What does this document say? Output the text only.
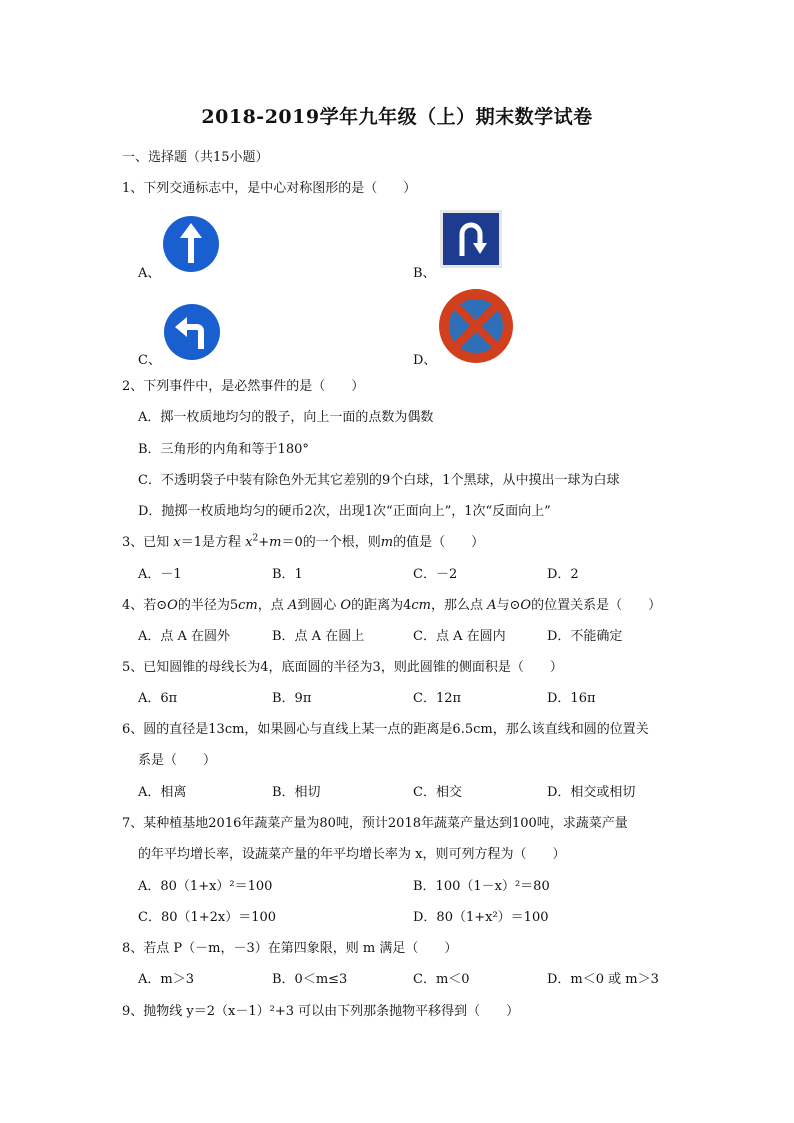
2018-2019学年九年级（上）期末数学试卷
一、选择题（共15小题）
1、下列交通标志中，是中心对称图形的是（　　）
A、	B、
C、	D、
2、下列事件中，是必然事件的是（　　）
A．掷一枚质地均匀的骰子，向上一面的点数为偶数
B．三角形的内角和等于180°
C．不透明袋子中装有除色外无其它差别的9个白球，1个黑球，从中摸出一球为白球
D．抛掷一枚质地均匀的硬币2次，出现1次“正面向上”，1次“反面向上”
3、已知 x＝1是方程 $x^2+m=0$的一个根，则m的值是（　　）
A．－1	B．1	C．－2	D．2
4、若⊙O的半径为5cm，点 A到圆心 O的距离为4cm，那么点 A与⊙O的位置关系是（　　）
A．点 A 在圆外	B．点 A 在圆上	C．点 A 在圆内	D．不能确定
5、已知圆锥的母线长为4，底面圆的半径为3，则此圆锥的侧面积是（　　）
A．6π	B．9π	C．12π	D．16π
6、圆的直径是13cm，如果圆心与直线上某一点的距离是6.5cm，那么该直线和圆的位置关
系是（　　）
A．相离	B．相切	C．相交	D．相交或相切
7、某种植基地2016年蔬菜产量为80吨，预计2018年蔬菜产量达到100吨，求蔬菜产量
的年平均增长率，设蔬菜产量的年平均增长率为 x，则可列方程为（　　）
A．80（1+x）²＝100	B．100（1－x）²＝80
C．80（1+2x）＝100	D．80（1+x²）＝100
8、若点 P（－m，－3）在第四象限，则 m 满足（　　）
A．m＞3	B．0＜m≤3	C．m＜0	D．m＜0 或 m＞3
9、抛物线 y＝2（x－1）²+3 可以由下列那条抛物平移得到（　　）
